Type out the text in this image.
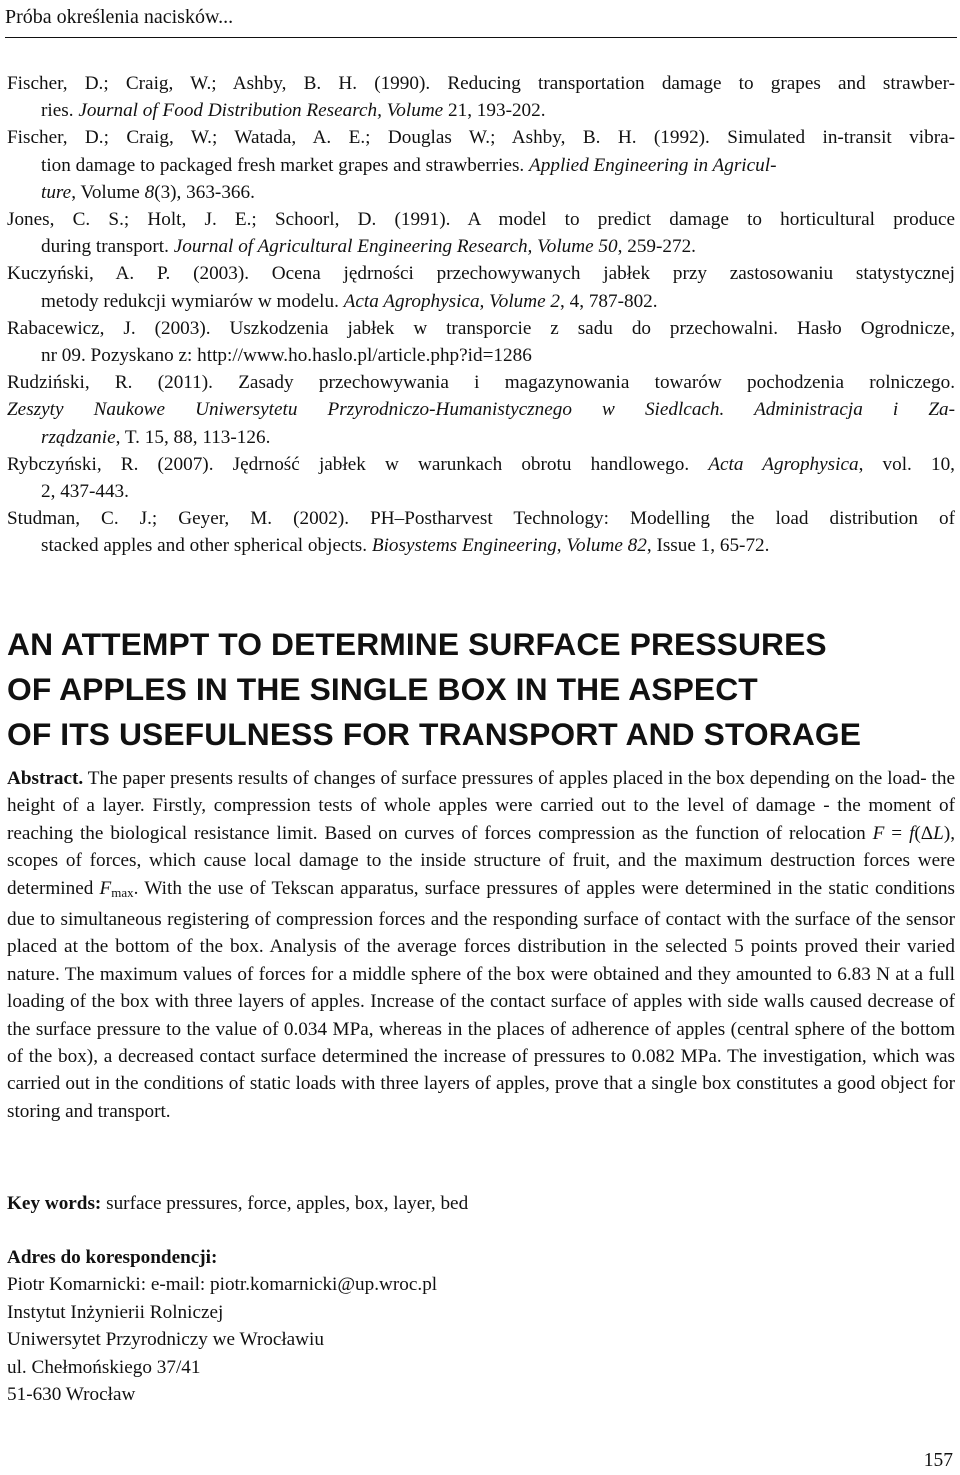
Próba określenia nacisków...

Fischer, D.; Craig, W.; Ashby, B. H. (1990). Reducing transportation damage to grapes and strawber-
ries. Journal of Food Distribution Research, Volume 21, 193-202.

Fischer, D.; Craig, W.; Watada, A. E.; Douglas W.; Ashby, B. H. (1992). Simulated in-transit vibra-
tion damage to packaged fresh market grapes and strawberries. Applied Engineering in Agricul-
ture, Volume 8(3), 363-366.

Jones, C. S.; Holt, J. E.; Schoorl, D. (1991). A model to predict damage to horticultural produce
during transport. Journal of Agricultural Engineering Research, Volume 50, 259-272.

Kuczyński, A. P. (2003). Ocena jędrności przechowywanych jabłek przy zastosowaniu statystycznej
metody redukcji wymiarów w modelu. Acta Agrophysica, Volume 2, 4, 787-802.

Rabacewicz, J. (2003). Uszkodzenia jabłek w transporcie z sadu do przechowalni. Hasło Ogrodnicze,
nr 09. Pozyskano z: http://www.ho.haslo.pl/article.php?id=1286

Rudziński, R. (2011). Zasady przechowywania i magazynowania towarów pochodzenia rolniczego.
Zeszyty Naukowe Uniwersytetu Przyrodniczo-Humanistycznego w Siedlcach. Administracja i Za-
rządzanie, T. 15, 88, 113-126.

Rybczyński, R. (2007). Jędrność jabłek w warunkach obrotu handlowego. Acta Agrophysica, vol. 10,
2, 437-443.

Studman, C. J.; Geyer, M. (2002). PH–Postharvest Technology: Modelling the load distribution of
stacked apples and other spherical objects. Biosystems Engineering, Volume 82, Issue 1, 65-72.

AN ATTEMPT TO DETERMINE SURFACE PRESSURES
OF APPLES IN THE SINGLE BOX IN THE ASPECT
OF ITS USEFULNESS FOR TRANSPORT AND STORAGE
Abstract. The paper presents results of changes of surface pressures of apples placed in the box depending on the load- the height of a layer. Firstly, compression tests of whole apples were carried out to the level of damage - the moment of reaching the biological resistance limit. Based on curves of forces compression as the function of relocation F = f(ΔL), scopes of forces, which cause local damage to the inside structure of fruit, and the maximum destruction forces were determined $F_{max}$. With the use of Tekscan apparatus, surface pressures of apples were determined in the static conditions due to simultaneous registering of compression forces and the responding surface of contact with the surface of the sensor placed at the bottom of the box. Analysis of the average forces distribution in the selected 5 points proved their varied nature. The maximum values of forces for a middle sphere of the box were obtained and they amounted to 6.83 N at a full loading of the box with three layers of apples. Increase of the contact surface of apples with side walls caused decrease of the surface pressure to the value of 0.034 MPa, whereas in the places of adherence of apples (central sphere of the bottom of the box), a decreased contact surface determined the increase of pressures to 0.082 MPa. The investigation, which was carried out in the conditions of static loads with three layers of apples, prove that a single box constitutes a good object for storing and transport.
Key words: surface pressures, force, apples, box, layer, bed
Adres do korespondencji:
Piotr Komarnicki: e-mail: piotr.komarnicki@up.wroc.pl
Instytut Inżynierii Rolniczej
Uniwersytet Przyrodniczy we Wrocławiu
ul. Chełmońskiego 37/41
51-630 Wrocław
157
